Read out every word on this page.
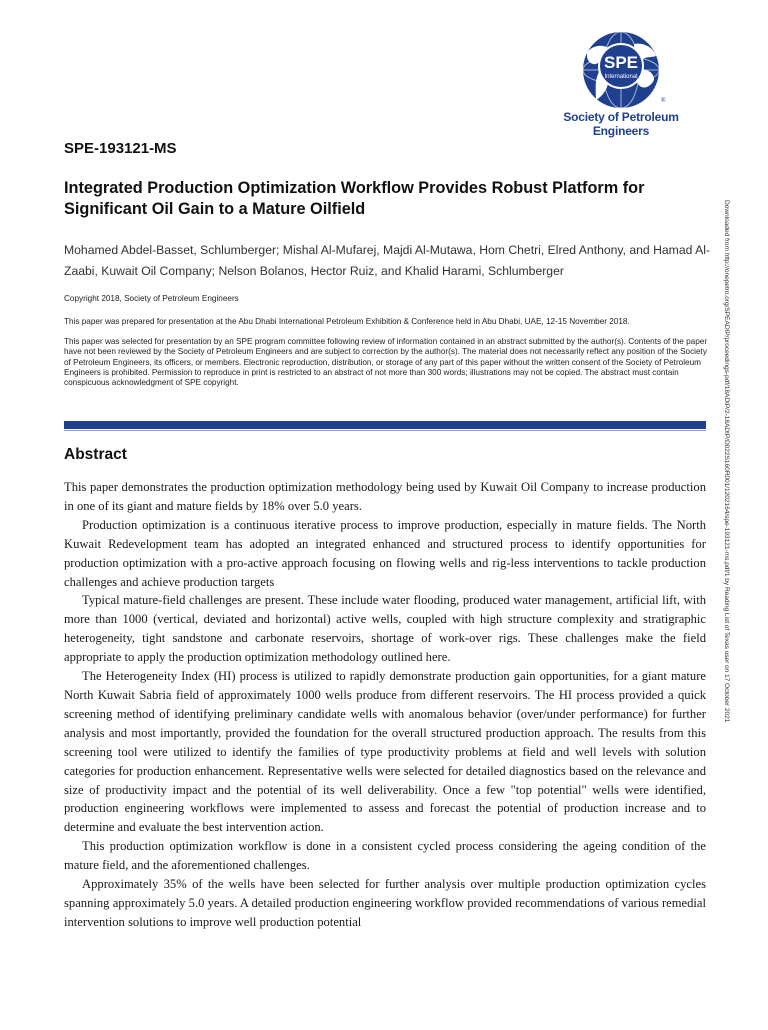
SPE
International
®
Society of Petroleum Engineers
SPE-193121-MS
Integrated Production Optimization Workflow Provides Robust Platform for Significant Oil Gain to a Mature Oilfield
Mohamed Abdel-Basset, Schlumberger; Mishal Al-Mufarej, Majdi Al-Mutawa, Hom Chetri, Elred Anthony, and Hamad Al-Zaabi, Kuwait Oil Company; Nelson Bolanos, Hector Ruiz, and Khalid Harami, Schlumberger
Copyright 2018, Society of Petroleum Engineers
This paper was prepared for presentation at the Abu Dhabi International Petroleum Exhibition & Conference held in Abu Dhabi, UAE, 12-15 November 2018.
This paper was selected for presentation by an SPE program committee following review of information contained in an abstract submitted by the author(s). Contents of the paper have not been reviewed by the Society of Petroleum Engineers and are subject to correction by the author(s). The material does not necessarily reflect any position of the Society of Petroleum Engineers, its officers, or members. Electronic reproduction, distribution, or storage of any part of this paper without the written consent of the Society of Petroleum Engineers is prohibited. Permission to reproduce in print is restricted to an abstract of not more than 300 words; illustrations may not be copied. The abstract must contain conspicuous acknowledgment of SPE copyright.
Abstract

This paper demonstrates the production optimization methodology being used by Kuwait Oil Company to increase production in one of its giant and mature fields by 18% over 5.0 years.

Production optimization is a continuous iterative process to improve production, especially in mature fields. The North Kuwait Redevelopment team has adopted an integrated enhanced and structured process to identify opportunities for production optimization with a pro-active approach focusing on flowing wells and rig-less interventions to tackle production challenges and achieve production targets

Typical mature-field challenges are present. These include water flooding, produced water management, artificial lift, with more than 1000 (vertical, deviated and horizontal) active wells, coupled with high structure complexity and stratigraphic heterogeneity, tight sandstone and carbonate reservoirs, shortage of work-over rigs. These challenges make the field appropriate to apply the production optimization methodology outlined here.

The Heterogeneity Index (HI) process is utilized to rapidly demonstrate production gain opportunities, for a giant mature North Kuwait Sabria field of approximately 1000 wells produce from different reservoirs. The HI process provided a quick screening method of identifying preliminary candidate wells with anomalous behavior (over/under performance) for further analysis and most importantly, provided the foundation for the overall structured production approach. The results from this screening tool were utilized to identify the families of type productivity problems at field and well levels with solution categories for production enhancement. Representative wells were selected for detailed diagnostics based on the relevance and size of productivity impact and the potential of its well deliverability. Once a few "top potential" wells were identified, production engineering workflows were implemented to assess and forecast the potential of production increase and to determine and evaluate the best intervention action.

This production optimization workflow is done in a consistent cycled process considering the ageing condition of the mature field, and the aforementioned challenges.

Approximately 35% of the wells have been selected for further analysis over multiple production optimization cycles spanning approximately 5.0 years. A detailed production engineering workflow provided recommendations of various remedial intervention solutions to improve well production potential

Downloaded from http://onepetro.org/SPEADIP/proceedings-pdf/18ADIP/2-18ADIP/D022S160R001/1202164/spe-193121-ms.pdf/1 by Reading List of Texas user on 17 October 2021
